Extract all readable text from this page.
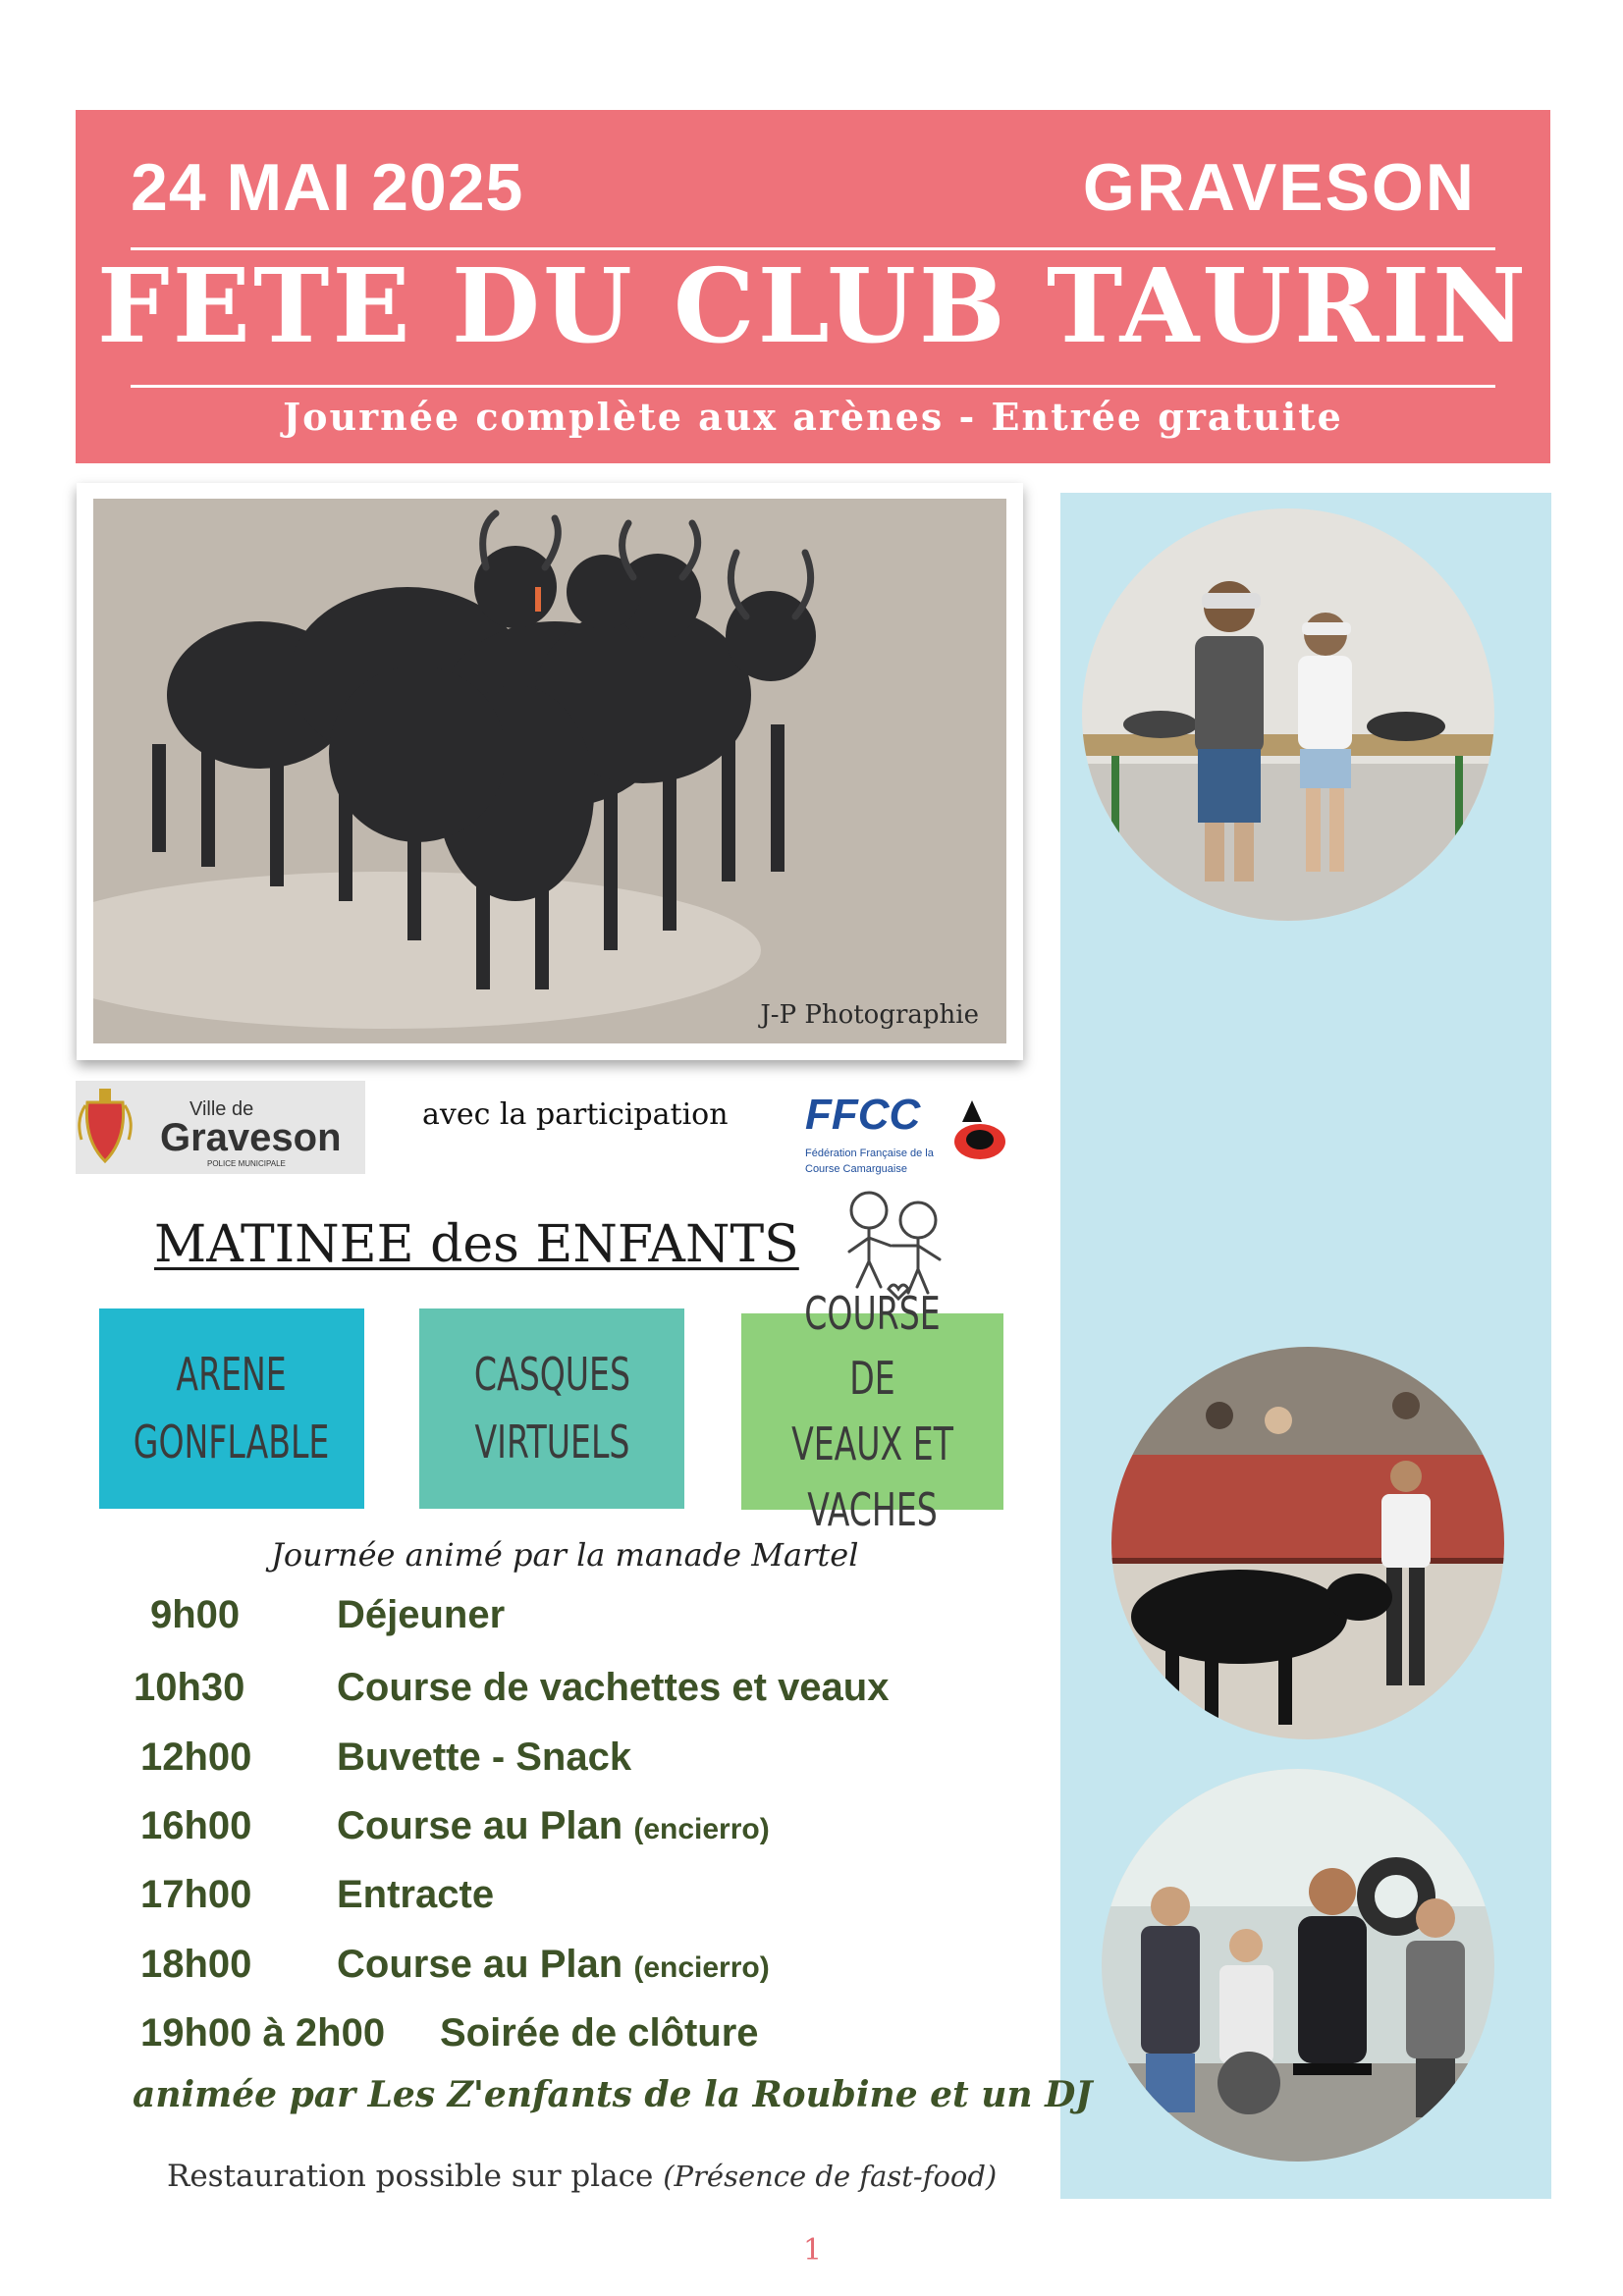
24 MAI 2025	GRAVESON
FETE DU CLUB TAURIN
Journée complète aux arènes - Entrée gratuite
J-P Photographie
Ville de
Graveson
POLICE MUNICIPALE
avec la participation FFCC
Fédération Française de la
Course Camarguaise
MATINEE des ENFANTS
ARENE
GONFLABLE
CASQUES
VIRTUELS
COURSE DE
VEAUX ET
VACHES
Journée animé par la manade Martel
9h00 Déjeuner
10h30 Course de vachettes et veaux
12h00 Buvette - Snack
16h00 Course au Plan (encierro)
17h00 Entracte
18h00 Course au Plan (encierro)
19h00 à 2h00 Soirée de clôture
animée par Les Z'enfants de la Roubine et un DJ
Restauration possible sur place (Présence de fast-food)
1
